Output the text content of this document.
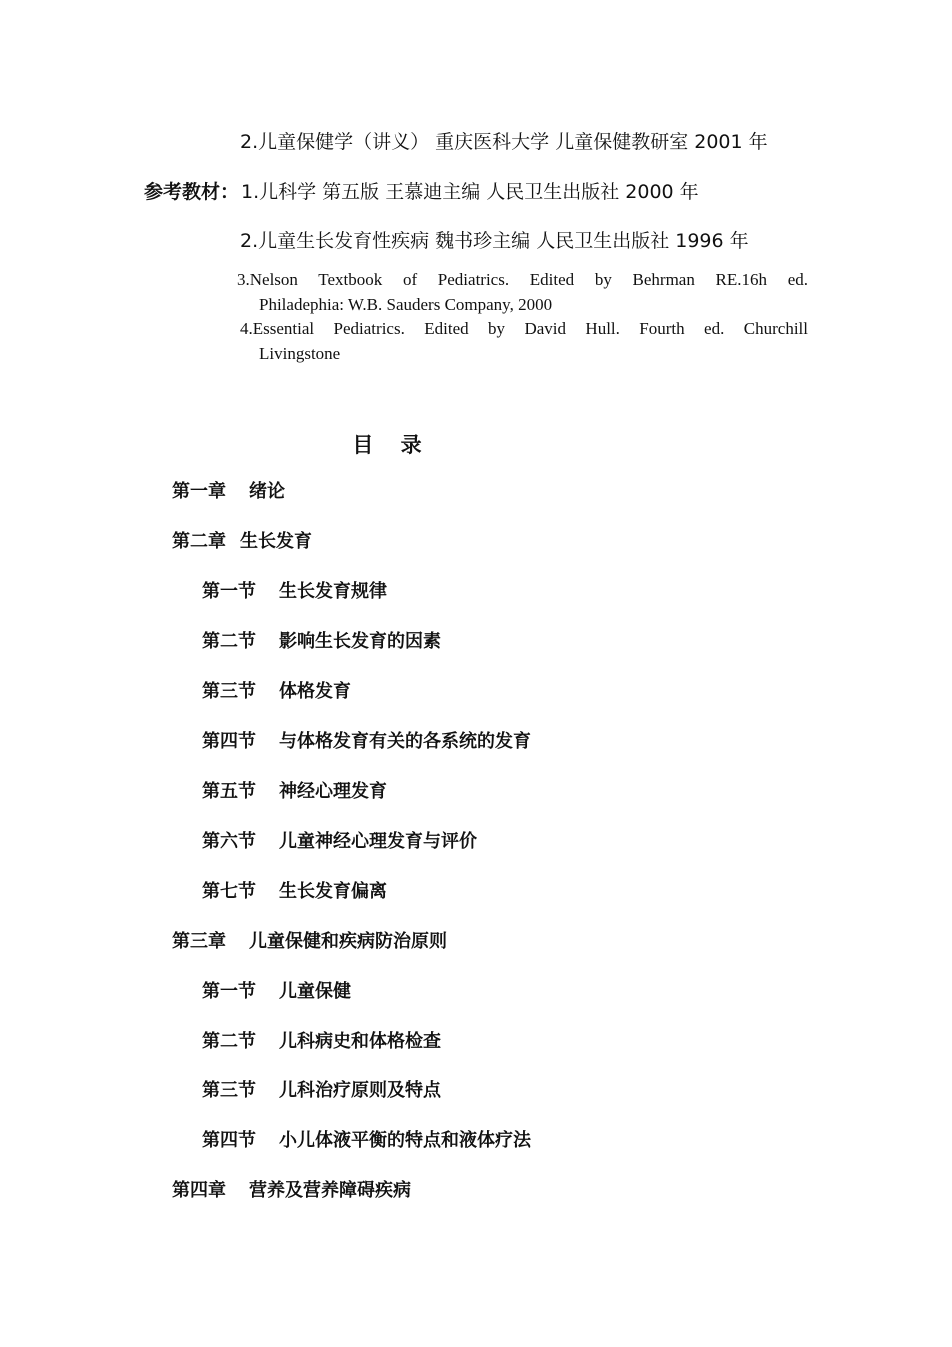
2.儿童保健学（讲义） 重庆医科大学 儿童保健教研室 2001 年
参考教材： 1.儿科学 第五版 王慕迪主编 人民卫生出版社 2000 年
2.儿童生长发育性疾病 魏书珍主编 人民卫生出版社 1996 年
3.Nelson Textbook of Pediatrics. Edited by Behrman RE.16h ed.
Philadephia: W.B. Sauders Company, 2000
4.Essential Pediatrics. Edited by David Hull. Fourth ed. Churchill
Livingstone
目 录
第一章 绪论
第二章 生长发育
第一节 生长发育规律
第二节 影响生长发育的因素
第三节 体格发育
第四节 与体格发育有关的各系统的发育
第五节 神经心理发育
第六节 儿童神经心理发育与评价
第七节 生长发育偏离
第三章 儿童保健和疾病防治原则
第一节 儿童保健
第二节 儿科病史和体格检查
第三节 儿科治疗原则及特点
第四节 小儿体液平衡的特点和液体疗法
第四章 营养及营养障碍疾病
